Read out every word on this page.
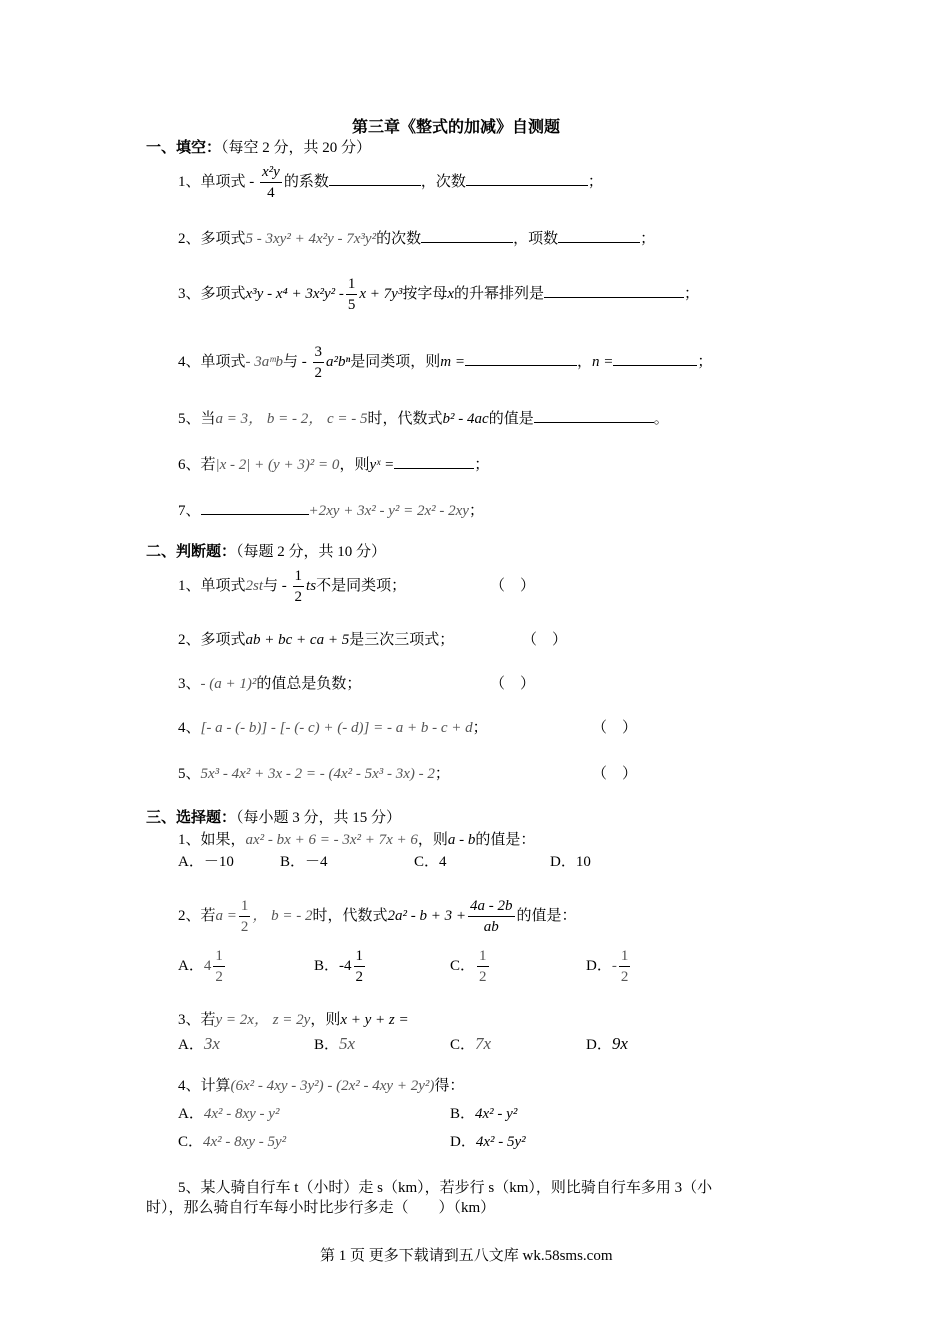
第三章《整式的加减》自测题
一、填空：（每空 2 分，共 20 分）
1、单项式 - $\frac{\text{x²y}}{4}$ 的系数	，次数	；
2、多项式5 - 3xy² + 4x²y - 7x³y²的次数	，项数	；
3、多项式$x^3y - x^4 + 3x^2y^2 - \frac{1}{5}$ x + 7y³按字母x的升幂排列是	；
4、单项式- 3aᵐb与 - $\frac{3}{2} a^2b^n$是同类项，则m =	，n =	；
5、当a = 3， b = - 2， c = - 5时，代数式b² - 4ac的值是	。
6、若|x - 2| + (y + 3)² = 0，则yˣ =	；
7、	+2xy + 3x² - y² = 2x² - 2xy；
二、判断题：（每题 2 分，共 10 分）
1、单项式2st与 - $\frac{1}{2}$ ts不是同类项；	（　）
2、多项式ab + bc + ca + 5是三次三项式；	（　）
3、- (a + 1)²的值总是负数；	（　）
4、[- a - (- b)] - [- (- c) + (- d)] = - a + b - c + d；	（　）
5、5x³ - 4x² + 3x - 2 = - (4x² - 5x³ - 3x) - 2；	（　）
三、选择题：（每小题 3 分，共 15 分）
1、如果，ax² - bx + 6 = - 3x² + 7x + 6，则a - b的值是：
A．－10	B．－4	C．4	D．10
2、若$a = \frac{1}{2}$ ， b = - 2时，代数式$2a^2 - b + 3 + \frac{4a - 2b}{ab}$ 的值是：
A．$4 \frac{1}{2}$	B．$-4 \frac{1}{2}$	C． $\frac{1}{2}$	D．- $\frac{1}{2}$
3、若y = 2x， z = 2y，则x + y + z =
A．3x	B．5x	C．7x	D．9x
4、计算(6x² - 4xy - 3y²) - (2x² - 4xy + 2y²)得：
A．4x² - 8xy - y²	B．4x² - y²
C．4x² - 8xy - 5y²	D．4x² - 5y²
5、某人骑自行车 t（小时）走 s（km），若步行 s（km），则比骑自行车多用 3（小
时），那么骑自行车每小时比步行多走（　　）（km）
第 1 页 更多下载请到五八文库 wk.58sms.com
